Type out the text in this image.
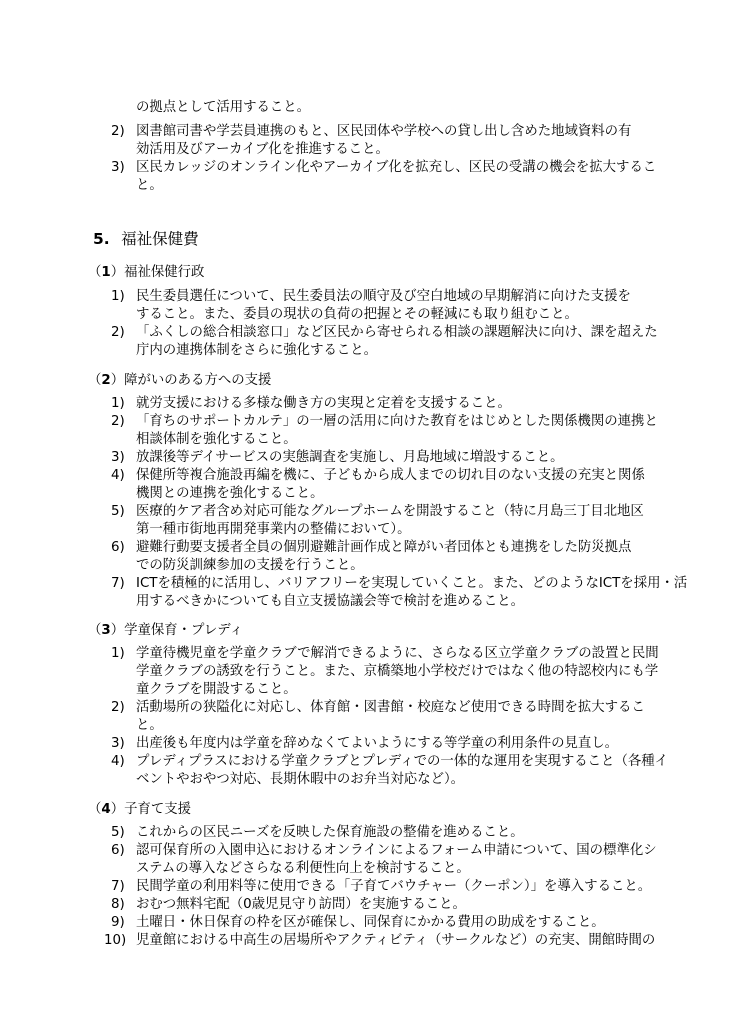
の拠点として活用すること。
2) 図書館司書や学芸員連携のもと、区民団体や学校への貸し出し含めた地域資料の有
効活用及びアーカイブ化を推進すること。
3) 区民カレッジのオンライン化やアーカイブ化を拡充し、区民の受講の機会を拡大するこ
と。
5. 福祉保健費
（1）福祉保健行政
1) 民生委員選任について、民生委員法の順守及び空白地域の早期解消に向けた支援を
すること。また、委員の現状の負荷の把握とその軽減にも取り組むこと。
2) 「ふくしの総合相談窓口」など区民から寄せられる相談の課題解決に向け、課を超えた
庁内の連携体制をさらに強化すること。
（2）障がいのある方への支援
1) 就労支援における多様な働き方の実現と定着を支援すること。
2) 「育ちのサポートカルテ」の一層の活用に向けた教育をはじめとした関係機関の連携と
相談体制を強化すること。
3) 放課後等デイサービスの実態調査を実施し、月島地域に増設すること。
4) 保健所等複合施設再編を機に、子どもから成人までの切れ目のない支援の充実と関係
機関との連携を強化すること。
5) 医療的ケア者含め対応可能なグループホームを開設すること（特に月島三丁目北地区
第一種市街地再開発事業内の整備において）。
6) 避難行動要支援者全員の個別避難計画作成と障がい者団体とも連携をした防災拠点
での防災訓練参加の支援を行うこと。
7) ICTを積極的に活用し、バリアフリーを実現していくこと。また、どのようなICTを採用・活
用するべきかについても自立支援協議会等で検討を進めること。
（3）学童保育・プレディ
1) 学童待機児童を学童クラブで解消できるように、さらなる区立学童クラブの設置と民間
学童クラブの誘致を行うこと。また、京橋築地小学校だけではなく他の特認校内にも学
童クラブを開設すること。
2) 活動場所の狭隘化に対応し、体育館・図書館・校庭など使用できる時間を拡大するこ
と。
3) 出産後も年度内は学童を辞めなくてよいようにする等学童の利用条件の見直し。
4) プレディプラスにおける学童クラブとプレディでの一体的な運用を実現すること（各種イ
ベントやおやつ対応、長期休暇中のお弁当対応など）。
（4）子育て支援
5) これからの区民ニーズを反映した保育施設の整備を進めること。
6) 認可保育所の入園申込におけるオンラインによるフォーム申請について、国の標準化シ
ステムの導入などさらなる利便性向上を検討すること。
7) 民間学童の利用料等に使用できる「子育てバウチャー（クーポン）」を導入すること。
8) おむつ無料宅配（0歳児見守り訪問）を実施すること。
9) 土曜日・休日保育の枠を区が確保し、同保育にかかる費用の助成をすること。
10) 児童館における中高生の居場所やアクティビティ（サークルなど）の充実、開館時間の
